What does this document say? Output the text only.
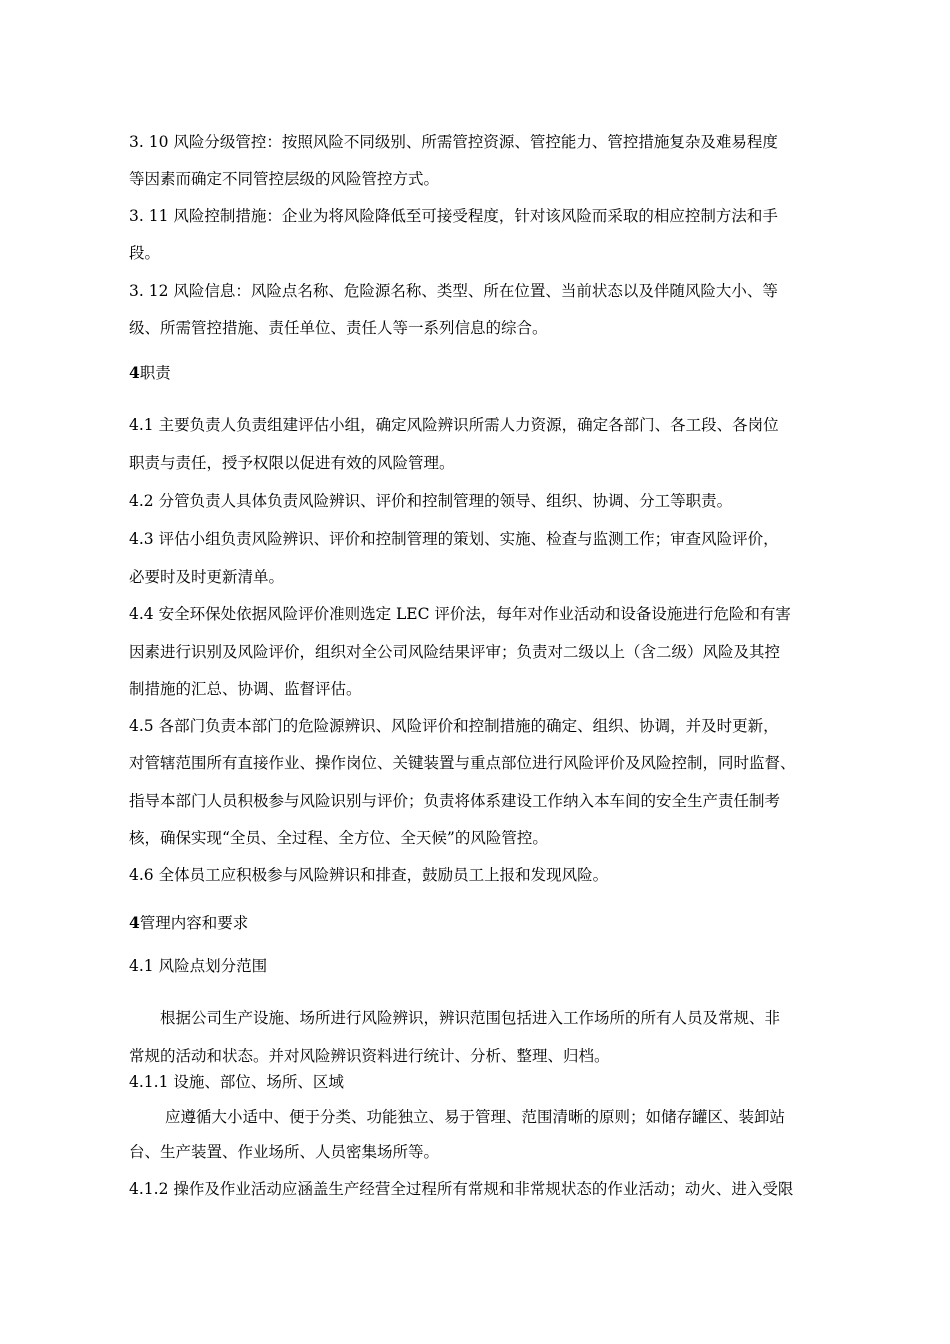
3. 10 风险分级管控：按照风险不同级别、所需管控资源、管控能力、管控措施复杂及难易程度
等因素而确定不同管控层级的风险管控方式。
3. 11 风险控制措施：企业为将风险降低至可接受程度，针对该风险而采取的相应控制方法和手
段。
3. 12 风险信息：风险点名称、危险源名称、类型、所在位置、当前状态以及伴随风险大小、等
级、所需管控措施、责任单位、责任人等一系列信息的综合。
4职责
4.1 主要负责人负责组建评估小组，确定风险辨识所需人力资源，确定各部门、各工段、各岗位
职责与责任，授予权限以促进有效的风险管理。
4.2 分管负责人具体负责风险辨识、评价和控制管理的领导、组织、协调、分工等职责。
4.3 评估小组负责风险辨识、评价和控制管理的策划、实施、检查与监测工作；审查风险评价，
必要时及时更新清单。
4.4 安全环保处依据风险评价准则选定 LEC 评价法，每年对作业活动和设备设施进行危险和有害
因素进行识别及风险评价，组织对全公司风险结果评审；负责对二级以上（含二级）风险及其控
制措施的汇总、协调、监督评估。
4.5 各部门负责本部门的危险源辨识、风险评价和控制措施的确定、组织、协调，并及时更新，
对管辖范围所有直接作业、操作岗位、关键装置与重点部位进行风险评价及风险控制，同时监督、
指导本部门人员积极参与风险识别与评价；负责将体系建设工作纳入本车间的安全生产责任制考
核，确保实现“全员、全过程、全方位、全天候”的风险管控。
4.6 全体员工应积极参与风险辨识和排查，鼓励员工上报和发现风险。
4管理内容和要求
4.1 风险点划分范围
根据公司生产设施、场所进行风险辨识，辨识范围包括进入工作场所的所有人员及常规、非
常规的活动和状态。并对风险辨识资料进行统计、分析、整理、归档。
4.1.1 设施、部位、场所、区域
应遵循大小适中、便于分类、功能独立、易于管理、范围清晰的原则；如储存罐区、装卸站
台、生产装置、作业场所、人员密集场所等。
4.1.2 操作及作业活动应涵盖生产经营全过程所有常规和非常规状态的作业活动；动火、进入受限
